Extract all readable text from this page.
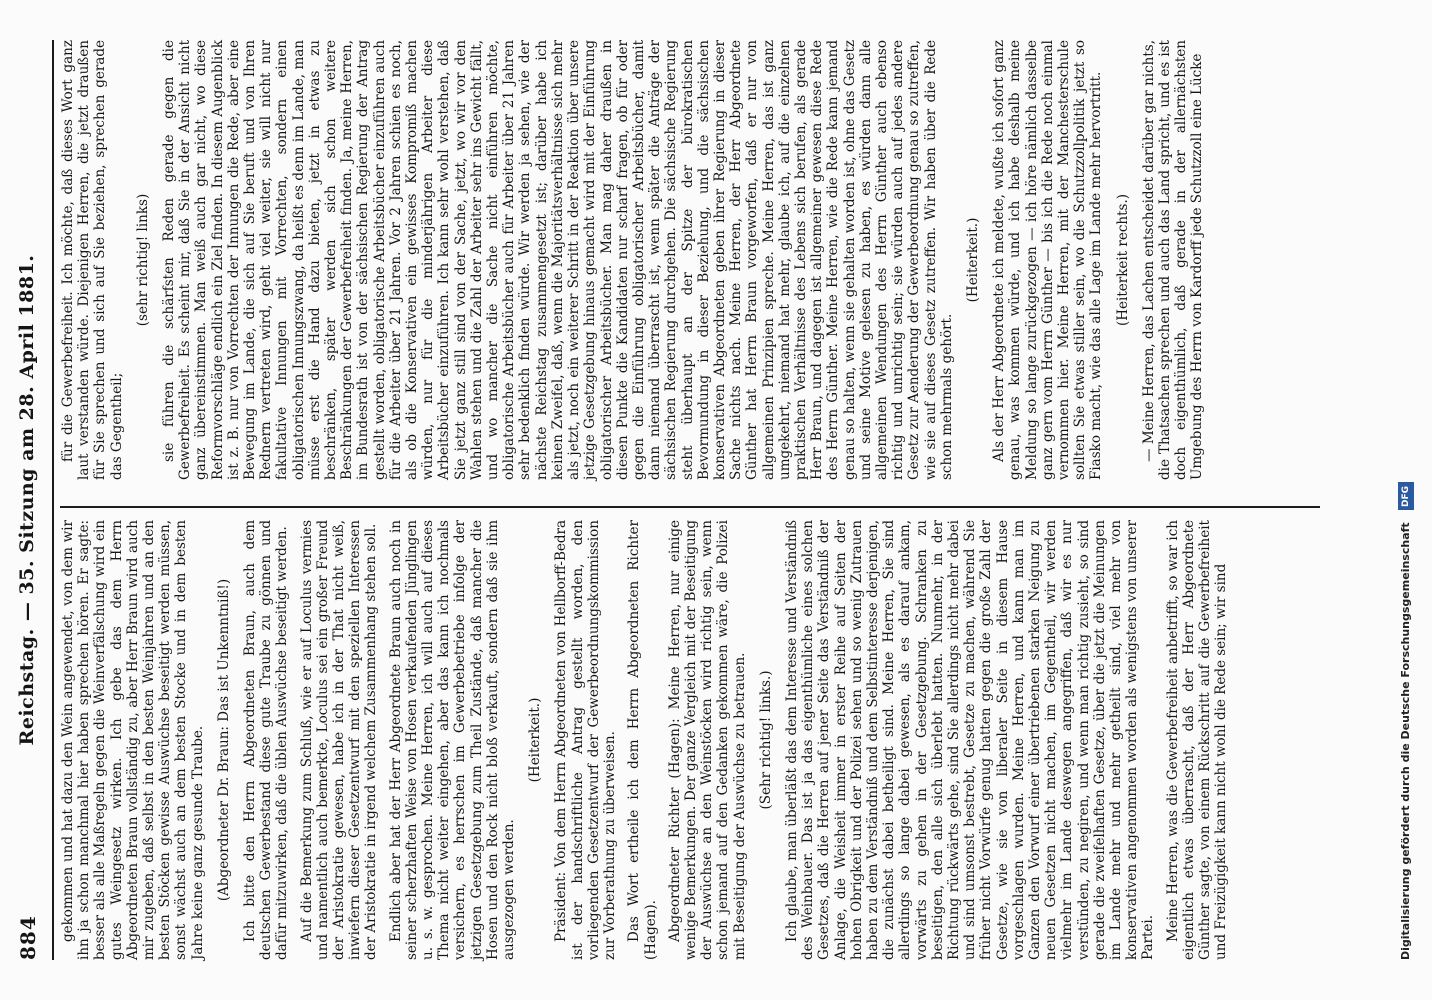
884
Reichstag. — 35. Sitzung am 28. April 1881. gekommen und hat dazu den Wein angewendet, von dem wir ihn ja schon manchmal hier haben sprechen hören. Er sagte: besser als alle Maßregeln gegen die Weinverfälschung wird ein gutes Weingesetz wirken. Ich gebe das dem Herrn Abgeordneten Braun vollständig zu, aber Herr Braun wird auch mir zugeben, daß selbst in den besten Weinjahren und an den besten Stöcken gewisse Auswüchse beseitigt werden müssen, sonst wächst auch an dem besten Stocke und in dem besten Jahre keine ganz gesunde Traube. (Abgeordneter Dr. Braun: Das ist Unkenntniß!) Ich bitte den Herrn Abgeordneten Braun, auch dem deutschen Gewerbestand diese gute Traube zu gönnen und dafür mitzuwirken, daß die üblen Auswüchse beseitigt werden. Auf die Bemerkung zum Schluß, wie er auf Loculus vermies und namentlich auch bemerkte, Loculus sei ein großer Freund der Aristokratie gewesen, habe ich in der That nicht weiß, inwiefern dieser Gesetzentwurf mit den speziellen Interessen der Aristokratie in irgend welchem Zusammenhang stehen soll. Endlich aber hat der Herr Abgeordnete Braun auch noch in seiner scherzhaften Weise von Hosen verkaufenden Jünglingen u. s. w. gesprochen. Meine Herren, ich will auch auf dieses Thema nicht weiter eingehen, aber das kann ich nochmals versichern, es herrschen im Gewerbebetriebe infolge der jetzigen Gesetzgebung zum Theil Zustände, daß mancher die Hosen und den Rock nicht bloß verkauft, sondern daß sie ihm ausgezogen werden.

(Heiterkeit.) Präsident: Von dem Herrn Abgeordneten von Hellborff-Bedra ist der handschriftliche Antrag gestellt worden, den vorliegenden Gesetzentwurf der Gewerbeordnungskommission zur Vorberathung zu überweisen. Das Wort ertheile ich dem Herrn Abgeordneten Richter (Hagen). Abgeordneter Richter (Hagen): Meine Herren, nur einige wenige Bemerkungen. Der ganze Vergleich mit der Beseitigung der Auswüchse an den Weinstöcken wird richtig sein, wenn schon jemand auf den Gedanken gekommen wäre, die Polizei mit Beseitigung der Auswüchse zu betrauen. (Sehr richtig! links.) Ich glaube, man überläßt das dem Interesse und Verständniß des Weinbauer. Das ist ja das eigenthümliche eines solchen Gesetzes, daß die Herren auf jener Seite das Verständniß der Anlage, die Weisheit immer in erster Reihe auf Seiten der hohen Obrigkeit und der Polizei sehen und so wenig Zutrauen haben zu dem Verständniß und dem Selbstinteresse derjenigen, die zunächst dabei betheiligt sind. Meine Herren, Sie sind allerdings so lange dabei gewesen, als es darauf ankam, vorwärts zu gehen in der Gesetzgebung. Schranken zu beseitigen, den alle sich überlebt hatten. Nunmehr, in der Richtung rückwärts gehe, sind Sie allerdings nicht mehr dabei und sind umsonst bestrebt, Gesetze zu machen, während Sie früher nicht Vorwürfe genug hatten gegen die große Zahl der Gesetze, wie sie von liberaler Seite in diesem Hause vorgeschlagen wurden. Meine Herren, und kann man im Ganzen den Vorwurf einer übertriebenen starken Neigung zu neuen Gesetzen nicht machen, im Gegentheil, wir werden vielmehr im Lande deswegen angegriffen, daß wir es nur verstünden, zu negiren, und wenn man richtig zusieht, so sind gerade die zweifelhaften Gesetze, über die jetzt die Meinungen im Lande mehr und mehr getheilt sind, viel mehr von konservativen angenommen worden als wenigstens von unserer Partei. Meine Herren, was die Gewerbefreiheit anbetrifft, so war ich eigentlich etwas überrascht, daß der Herr Abgeordnete Günther sagte, von einem Rückschritt auf die Gewerbefreiheit und Freizügigkeit kann nicht wohl die Rede sein; wir sind

für die Gewerbefreiheit. Ich möchte, daß dieses Wort ganz laut verstanden würde. Diejenigen Herren, die jetzt draußen für Sie sprechen und sich auf Sie beziehen, sprechen gerade das Gegentheil;

(sehr richtig! links) sie führen die schärfsten Reden gerade gegen die Gewerbefreiheit. Es scheint mir, daß Sie in der Ansicht nicht ganz übereinstimmen. Man weiß auch gar nicht, wo diese Reformvorschläge endlich ein Ziel finden. In diesem Augenblick ist z. B. nur von Vorrechten der Innungen die Rede, aber eine Bewegung im Lande, die sich auf Sie beruft und von Ihren Rednern vertreten wird, geht viel weiter, sie will nicht nur fakultative Innungen mit Vorrechten, sondern einen obligatorischen Innungszwang, da heißt es denn im Lande, man müsse erst die Hand dazu bieten, jetzt in etwas zu beschränken, später werden sich schon weitere Beschränkungen der Gewerbefreiheit finden. Ja, meine Herren, im Bundesrath ist von der sächsischen Regierung der Antrag gestellt worden, obligatorische Arbeitsbücher einzuführen auch für die Arbeiter über 21 Jahren. Vor 2 Jahren schien es noch, als ob die Konservativen ein gewisses Kompromiß machen würden, nur für die minderjährigen Arbeiter diese Arbeitsbücher einzuführen. Ich kann sehr wohl verstehen, daß Sie jetzt ganz still sind von der Sache, jetzt, wo wir vor den Wahlen stehen und die Zahl der Arbeiter sehr ins Gewicht fällt, und wo mancher die Sache nicht einführen möchte, obligatorische Arbeitsbücher auch für Arbeiter über 21 Jahren sehr bedenklich finden würde. Wir werden ja sehen, wie der nächste Reichstag zusammengesetzt ist; darüber habe ich keinen Zweifel, daß, wenn die Majoritätsverhältnisse sich mehr als jetzt, noch ein weiterer Schritt in der Reaktion über unsere jetzige Gesetzgebung hinaus gemacht wird mit der Einführung obligatorischer Arbeitsbücher. Man mag daher draußen in diesen Punkte die Kandidaten nur scharf fragen, ob für oder gegen die Einführung obligatorischer Arbeitsbücher, damit dann niemand überrascht ist, wenn später die Anträge der sächsischen Regierung durchgehen. Die sächsische Regierung steht überhaupt an der Spitze der bürokratischen Bevormundung in dieser Beziehung, und die sächsischen konservativen Abgeordneten geben ihrer Regierung in dieser Sache nichts nach. Meine Herren, der Herr Abgeordnete Günther hat Herrn Braun vorgeworfen, daß er nur von allgemeinen Prinzipien spreche. Meine Herren, das ist ganz umgekehrt, niemand hat mehr, glaube ich, auf die einzelnen praktischen Verhältnisse des Lebens sich berufen, als gerade Herr Braun, und dagegen ist allgemeiner gewesen diese Rede des Herrn Günther. Meine Herren, wie die Rede kann jemand genau so halten, wenn sie gehalten worden ist, ohne das Gesetz und seine Motive gelesen zu haben, es würden dann alle allgemeinen Wendungen des Herrn Günther auch ebenso richtig und unrichtig sein; sie würden auch auf jedes andere Gesetz zur Aenderung der Gewerbeordnung genau so zutreffen, wie sie auf dieses Gesetz zutreffen. Wir haben über die Rede schon mehrmals gehört.

(Heiterkeit.) Als der Herr Abgeordnete ich meldete, wußte ich sofort ganz genau, was kommen würde, und ich habe deshalb meine Meldung so lange zurückgezogen — ich höre nämlich dasselbe ganz gern vom Herrn Günther — bis ich die Rede noch einmal vernommen hier. Meine Herren, mit der Manchesterschule sollten Sie etwas stiller sein, wo die Schutzzollpolitik jetzt so Fiasko macht, wie das alle Lage im Lande mehr hervortritt. (Heiterkeit rechts.) — Meine Herren, das Lachen entscheidet darüber gar nichts, die Thatsachen sprechen und auch das Land spricht, und es ist doch eigenthümlich, daß gerade in der allernächsten Umgebung des Herrn von Kardorff jede Schutzzoll eine Lücke

Digitalisierung gefördert durch die Deutsche Forschungsgemeinschaft DFG
